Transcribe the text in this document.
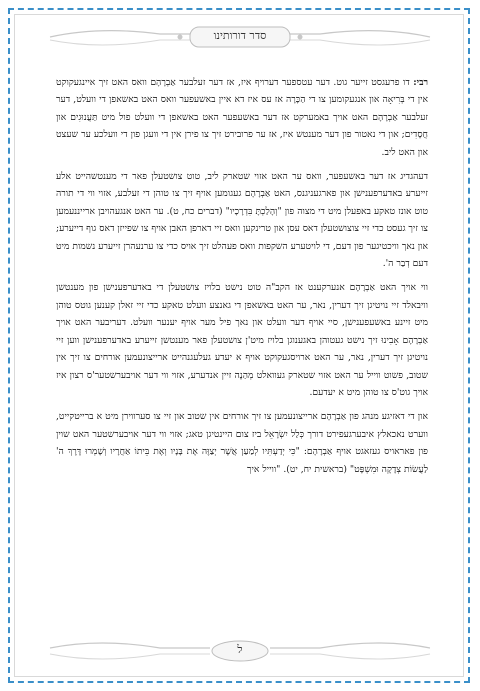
סדר דורותינו

רבי: דו פרעגסט זייער גוט. דער עטספער דערויף איז, אז דער זעלבער אַבְרָהָם וואס האט זיך איינגעקוקט אין די בְּרִיאָה און אנגעקומען צו די הַכָּרָה אז עס איז דא איין באשעפער וואס האט באשאפן די וועלט, דער זעלבער אַבְרָהָם האט אויך באמערקט אז דער באשעפער האט באשאפן די וועלט פול מיט תַּעֲנוּגִים און חֲסָדִים; און די נאטור פון דער מענטש איז, אז ער פרובירט זיך צו פירן אין די וועגן פון די וועלכע ער שעצט און האט ליב.

דעהגדיג אז דער באשעפער, וואס ער האט אזוי שטארק ליב, טוט צושטעלן פאר די מענטשהייט אלע זייערע באדערפענישן און פארגעניגנס, האט אַבְרָהָם געגומען אויף זיך צו טוהן די זעלבע, אזוי ווי די תורה טוט אונז טאקע באפעלן מיט די מצוה פון "וְהָלַכְתָּ בִּדְרָכָיו" (דברים כח, ט). ער האט אנגעהויבן ארייננעמען צו זיך געסט כדי זיי צוצושטעלן דאס עסן און טרינקען וואס זיי דארפן האבן אויף צו שפייזן דאס גוף דייערע; און נאך וויכטיגער פון דעם, די לויטערע השקפות וואס פעהלט זיך אויס כדי צו ערנעהרן זייערע נשמות מיט דעם דְבַר ה'.

ווי אויך האט אַבְרָהָם אנערקענט אז הקב"ה טוט נישט בלויז צושטעלן די באדערפענישן פון מענטשן וויבאלד זיי נויטיגן זיך דערין, נאר, ער האט באשאפן די גאנצע וועלט טאקע כדי זיי זאלן קענען גוטס טוהן מיט זיינע באשעפענישן, סיי אויף דער וועלט און נאך פיל מער אויף יענער וועלט. דעריבער האט אויך אַבְרָהָם אָבִינוּ זיך נישט געטוהן באגענוגן בלויז מיט'ן צושטעלן פאר מענטשן זייערע באדערפענישן ווען זיי נויטיגן זיך דערין, נאר, ער האט ארויסגעקוקט אויף א יעדע געלעגנהייט ארייצונעמען אורחים צו זיך אין שטוב, פשוט ווייל ער האט אזוי שטארק געוואלט מְהַנֶה זיין אנדערע, אזוי ווי דער אויבערשטער'ס רצון איז אויך גוט'ס צו טוהן מיט א יעדעם.

און די דאזיגע מנהג פון אַבְרָהָם ארייצונעמען צו זיך אורחים אין שטוב און זיי צו סערווירן מיט א ברייטקייט, ווערט נאכאלץ איבערגעפירט דורך כְּלַל יִשְׂרָאֵל ביז צום היינטיגן טאג; אזוי ווי דער אויבערשטער האט שוין פון פאראויס געזאגט אויף אַבְרָהָם: "כִּי יְדַעְתִּיו לְמַעַן אֲשֶׁר יְצַוֶּה אֶת בָּנָיו וְאֶת בֵּיתוֹ אַחֲרָיו וְשָׁמְרוּ דֶּרֶךְ ה' לַעֲשׂוֹת צְדָקָה וּמִשְׁפָּט" (בראשית יח, יט). "ווייל איך

ל
